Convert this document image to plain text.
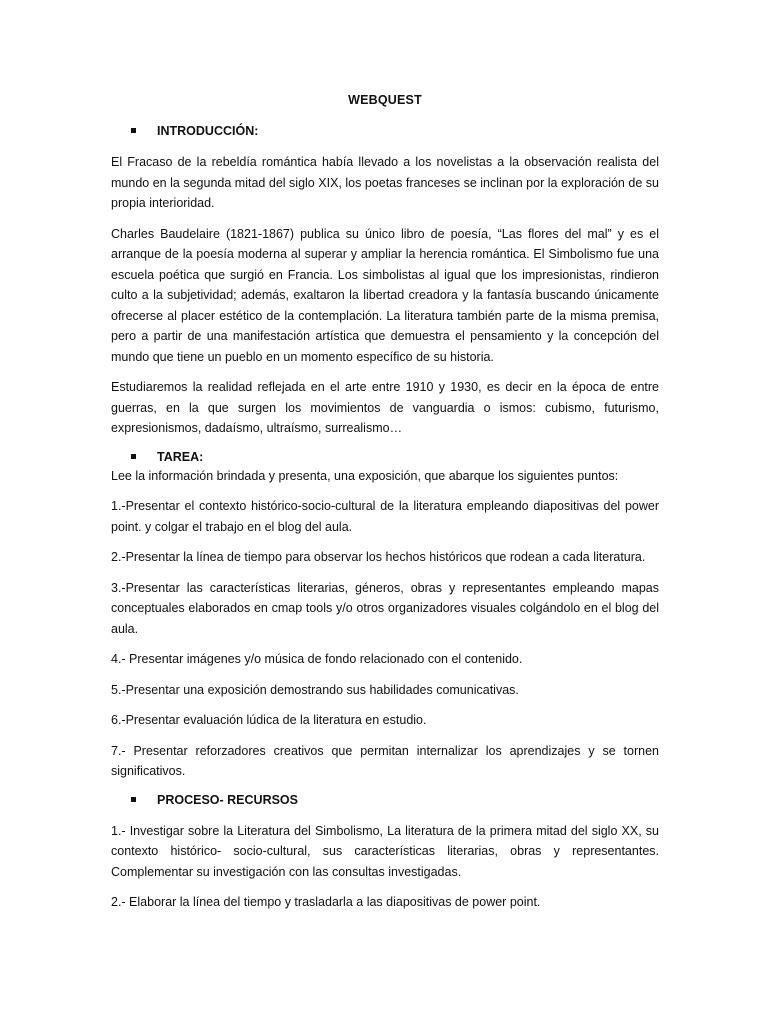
WEBQUEST
INTRODUCCIÓN:

El Fracaso de la rebeldía romántica había llevado a los novelistas a la observación realista del mundo en la segunda mitad del siglo XIX, los poetas franceses se inclinan por la exploración de su propia interioridad.

Charles Baudelaire (1821-1867) publica su único libro de poesía, “Las flores del mal” y es el arranque de la poesía moderna al superar y ampliar la herencia romántica. El Simbolismo fue una escuela poética que surgió en Francia. Los simbolistas al igual que los impresionistas, rindieron culto a la subjetividad; además, exaltaron la libertad creadora y la fantasía buscando únicamente ofrecerse al placer estético de la contemplación. La literatura también parte de la misma premisa, pero a partir de una manifestación artística que demuestra el pensamiento y la concepción del mundo que tiene un pueblo en un momento específico de su historia.

Estudiaremos la realidad reflejada en el arte entre 1910 y 1930, es decir en la época de entre guerras, en la que surgen los movimientos de vanguardia o ismos: cubismo, futurismo, expresionismos, dadaísmo, ultraísmo, surrealismo…

TAREA:

Lee la información brindada y presenta, una exposición, que abarque los siguientes puntos:

1.-Presentar el contexto histórico-socio-cultural de la literatura empleando diapositivas del power point. y colgar el trabajo en el blog del aula.

2.-Presentar la línea de tiempo para observar los hechos históricos que rodean a cada literatura.

3.-Presentar las características literarias, géneros, obras y representantes empleando mapas conceptuales elaborados en cmap tools y/o otros organizadores visuales colgándolo en el blog del aula.

4.- Presentar imágenes y/o música de fondo relacionado con el contenido.

5.-Presentar una exposición demostrando sus habilidades comunicativas.

6.-Presentar evaluación lúdica de la literatura en estudio.

7.- Presentar reforzadores creativos que permitan internalizar los aprendizajes y se tornen significativos.

PROCESO- RECURSOS

1.- Investigar sobre la Literatura del Simbolismo, La literatura de la primera mitad del siglo XX, su contexto histórico- socio-cultural, sus características literarias, obras y representantes. Complementar su investigación con las consultas investigadas.

2.- Elaborar la línea del tiempo y trasladarla a las diapositivas de power point.
